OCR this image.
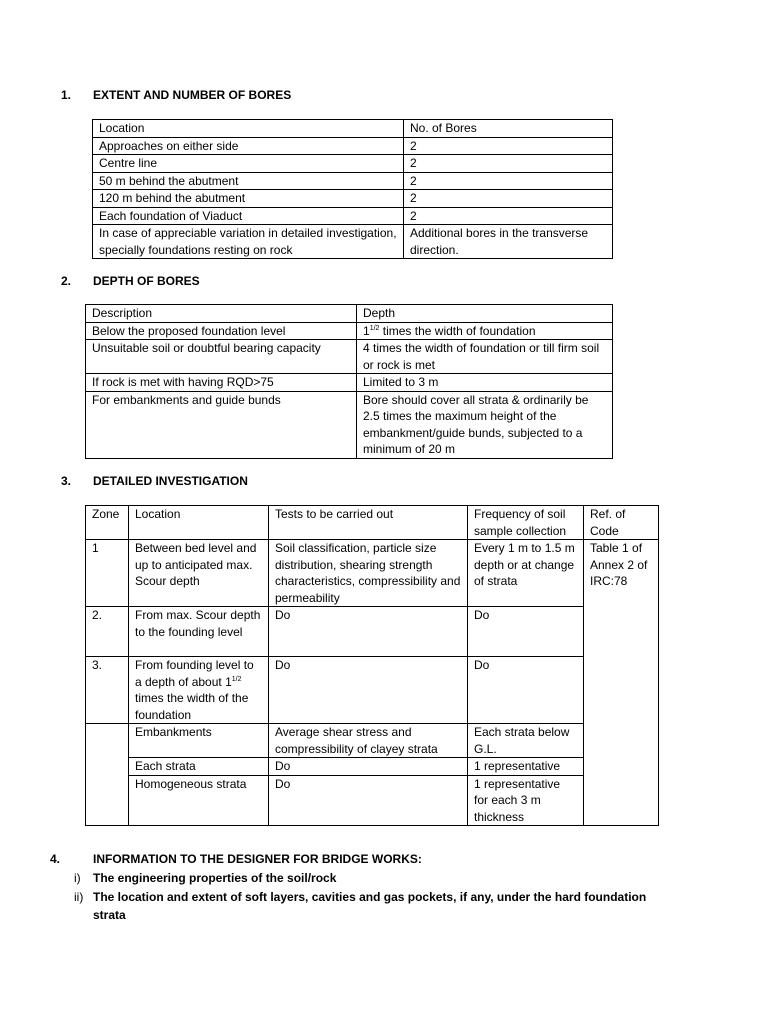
1. EXTENT AND NUMBER OF BORES
Location	No. of Bores
Approaches on either side	2
Centre line	2
50 m behind the abutment	2
120 m behind the abutment	2
Each foundation of Viaduct	2
In case of appreciable variation in detailed investigation, specially foundations resting on rock	Additional bores in the transverse direction.
2. DEPTH OF BORES
Description	Depth
Below the proposed foundation level	$1^{1/2}$ times the width of foundation
Unsuitable soil or doubtful bearing capacity	4 times the width of foundation or till firm soil or rock is met
If rock is met with having RQD>75	Limited to 3 m
For embankments and guide bunds	Bore should cover all strata & ordinarily be 2.5 times the maximum height of the embankment/guide bunds, subjected to a minimum of 20 m
3. DETAILED INVESTIGATION
Zone	Location	Tests to be carried out	Frequency of soil sample collection	Ref. of Code
1	Between bed level and up to anticipated max. Scour depth	Soil classification, particle size distribution, shearing strength characteristics, compressibility and permeability	Every 1 m to 1.5 m depth or at change of strata	Table 1 of Annex 2 of IRC:78
2.	From max. Scour depth to the founding level	Do	Do	
3.	From founding level to a depth of about $1^{1/2}$ times the width of the foundation	Do	Do	
	Embankments	Average shear stress and compressibility of clayey strata	Each strata below G.L.	
	Each strata	Do	1 representative	
	Homogeneous strata	Do	1 representative for each 3 m thickness	
4.	INFORMATION TO THE DESIGNER FOR BRIDGE WORKS:
i) The engineering properties of the soil/rock
ii) The location and extent of soft layers, cavities and gas pockets, if any, under the hard foundation strata
